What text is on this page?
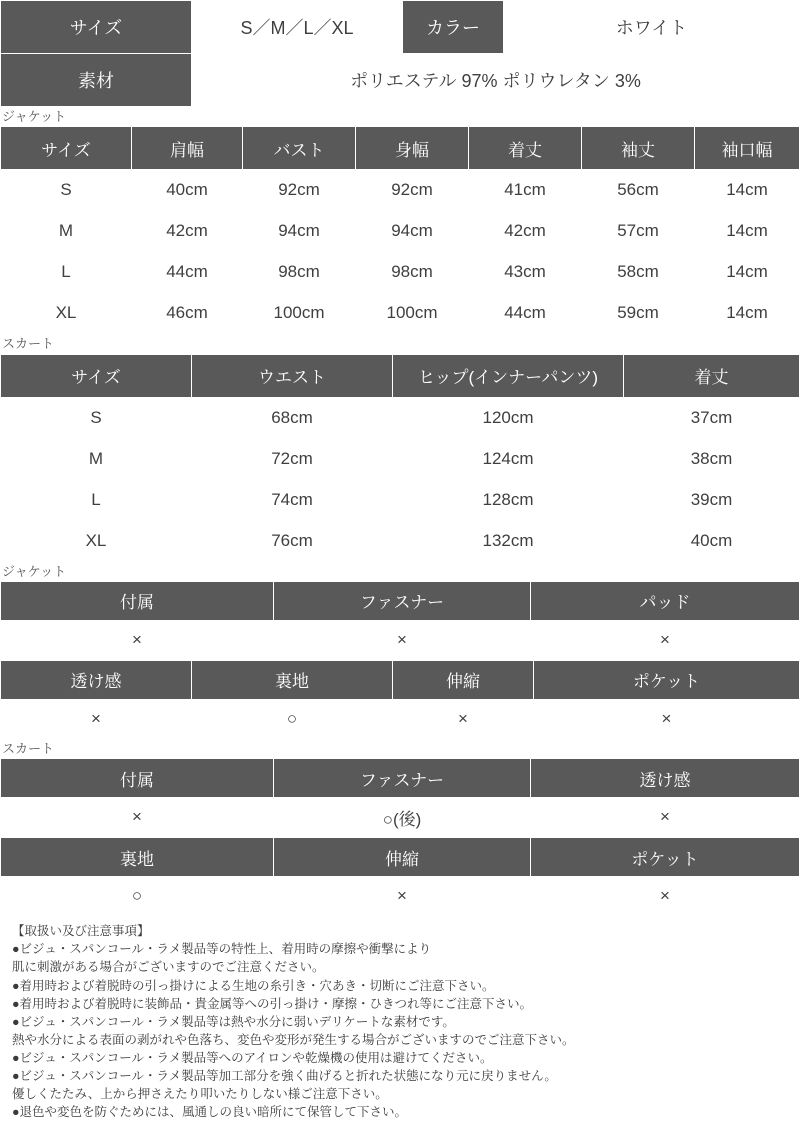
サイズ	S／M／L／XL	カラー	ホワイト
素材	ポリエステル 97% ポリウレタン 3%		
ジャケット
サイズ	肩幅	バスト	身幅	着丈	袖丈	袖口幅
S	40cm	92cm	92cm	41cm	56cm	14cm
M	42cm	94cm	94cm	42cm	57cm	14cm
L	44cm	98cm	98cm	43cm	58cm	14cm
XL	46cm	100cm	100cm	44cm	59cm	14cm
スカート
サイズ	ウエスト	ヒップ(インナーパンツ)	着丈
S	68cm	120cm	37cm
M	72cm	124cm	38cm
L	74cm	128cm	39cm
XL	76cm	132cm	40cm
ジャケット
付属	ファスナー	パッド
×	×	×
透け感	裏地	伸縮	ポケット
×	○	×	×
スカート
付属	ファスナー	透け感
×	○(後)	×
裏地	伸縮	ポケット
○	×	×
【取扱い及び注意事項】
●ビジュ・スパンコール・ラメ製品等の特性上、着用時の摩擦や衝撃により
肌に刺激がある場合がございますのでご注意ください。
●着用時および着脱時の引っ掛けによる生地の糸引き・穴あき・切断にご注意下さい。
●着用時および着脱時に装飾品・貴金属等への引っ掛け・摩擦・ひきつれ等にご注意下さい。
●ビジュ・スパンコール・ラメ製品等は熱や水分に弱いデリケートな素材です。
熱や水分による表面の剥がれや色落ち、変色や変形が発生する場合がございますのでご注意下さい。
●ビジュ・スパンコール・ラメ製品等へのアイロンや乾燥機の使用は避けてください。
●ビジュ・スパンコール・ラメ製品等加工部分を強く曲げると折れた状態になり元に戻りません。
優しくたたみ、上から押さえたり叩いたりしない様ご注意下さい。
●退色や変色を防ぐためには、風通しの良い暗所にて保管して下さい。
